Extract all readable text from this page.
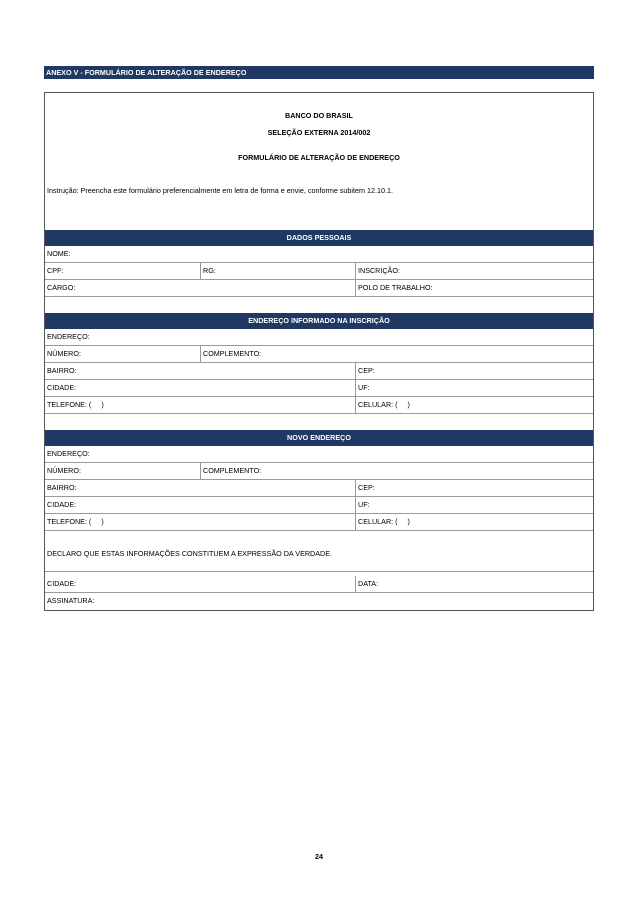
ANEXO V - FORMULÁRIO DE ALTERAÇÃO DE ENDEREÇO
BANCO DO BRASIL
SELEÇÃO EXTERNA 2014/002
FORMULÁRIO DE ALTERAÇÃO DE ENDEREÇO
Instrução: Preencha este formulário preferencialmente em letra de forma e envie, conforme subitem 12.10.1.
DADOS PESSOAIS
NOME:
CPF:	RG:	INSCRIÇÃO:
CARGO:	POLO DE TRABALHO:
ENDEREÇO INFORMADO NA INSCRIÇÃO
ENDEREÇO:
NÚMERO:	COMPLEMENTO:
BAIRRO:	CEP:
CIDADE:	UF:
TELEFONE: (     )	CELULAR: (     )
NOVO ENDEREÇO
ENDEREÇO:
NÚMERO:	COMPLEMENTO:
BAIRRO:	CEP:
CIDADE:	UF:
TELEFONE: (     )	CELULAR: (     )
DECLARO QUE ESTAS INFORMAÇÕES CONSTITUEM A EXPRESSÃO DA VERDADE.
CIDADE:	DATA:
ASSINATURA:
24
